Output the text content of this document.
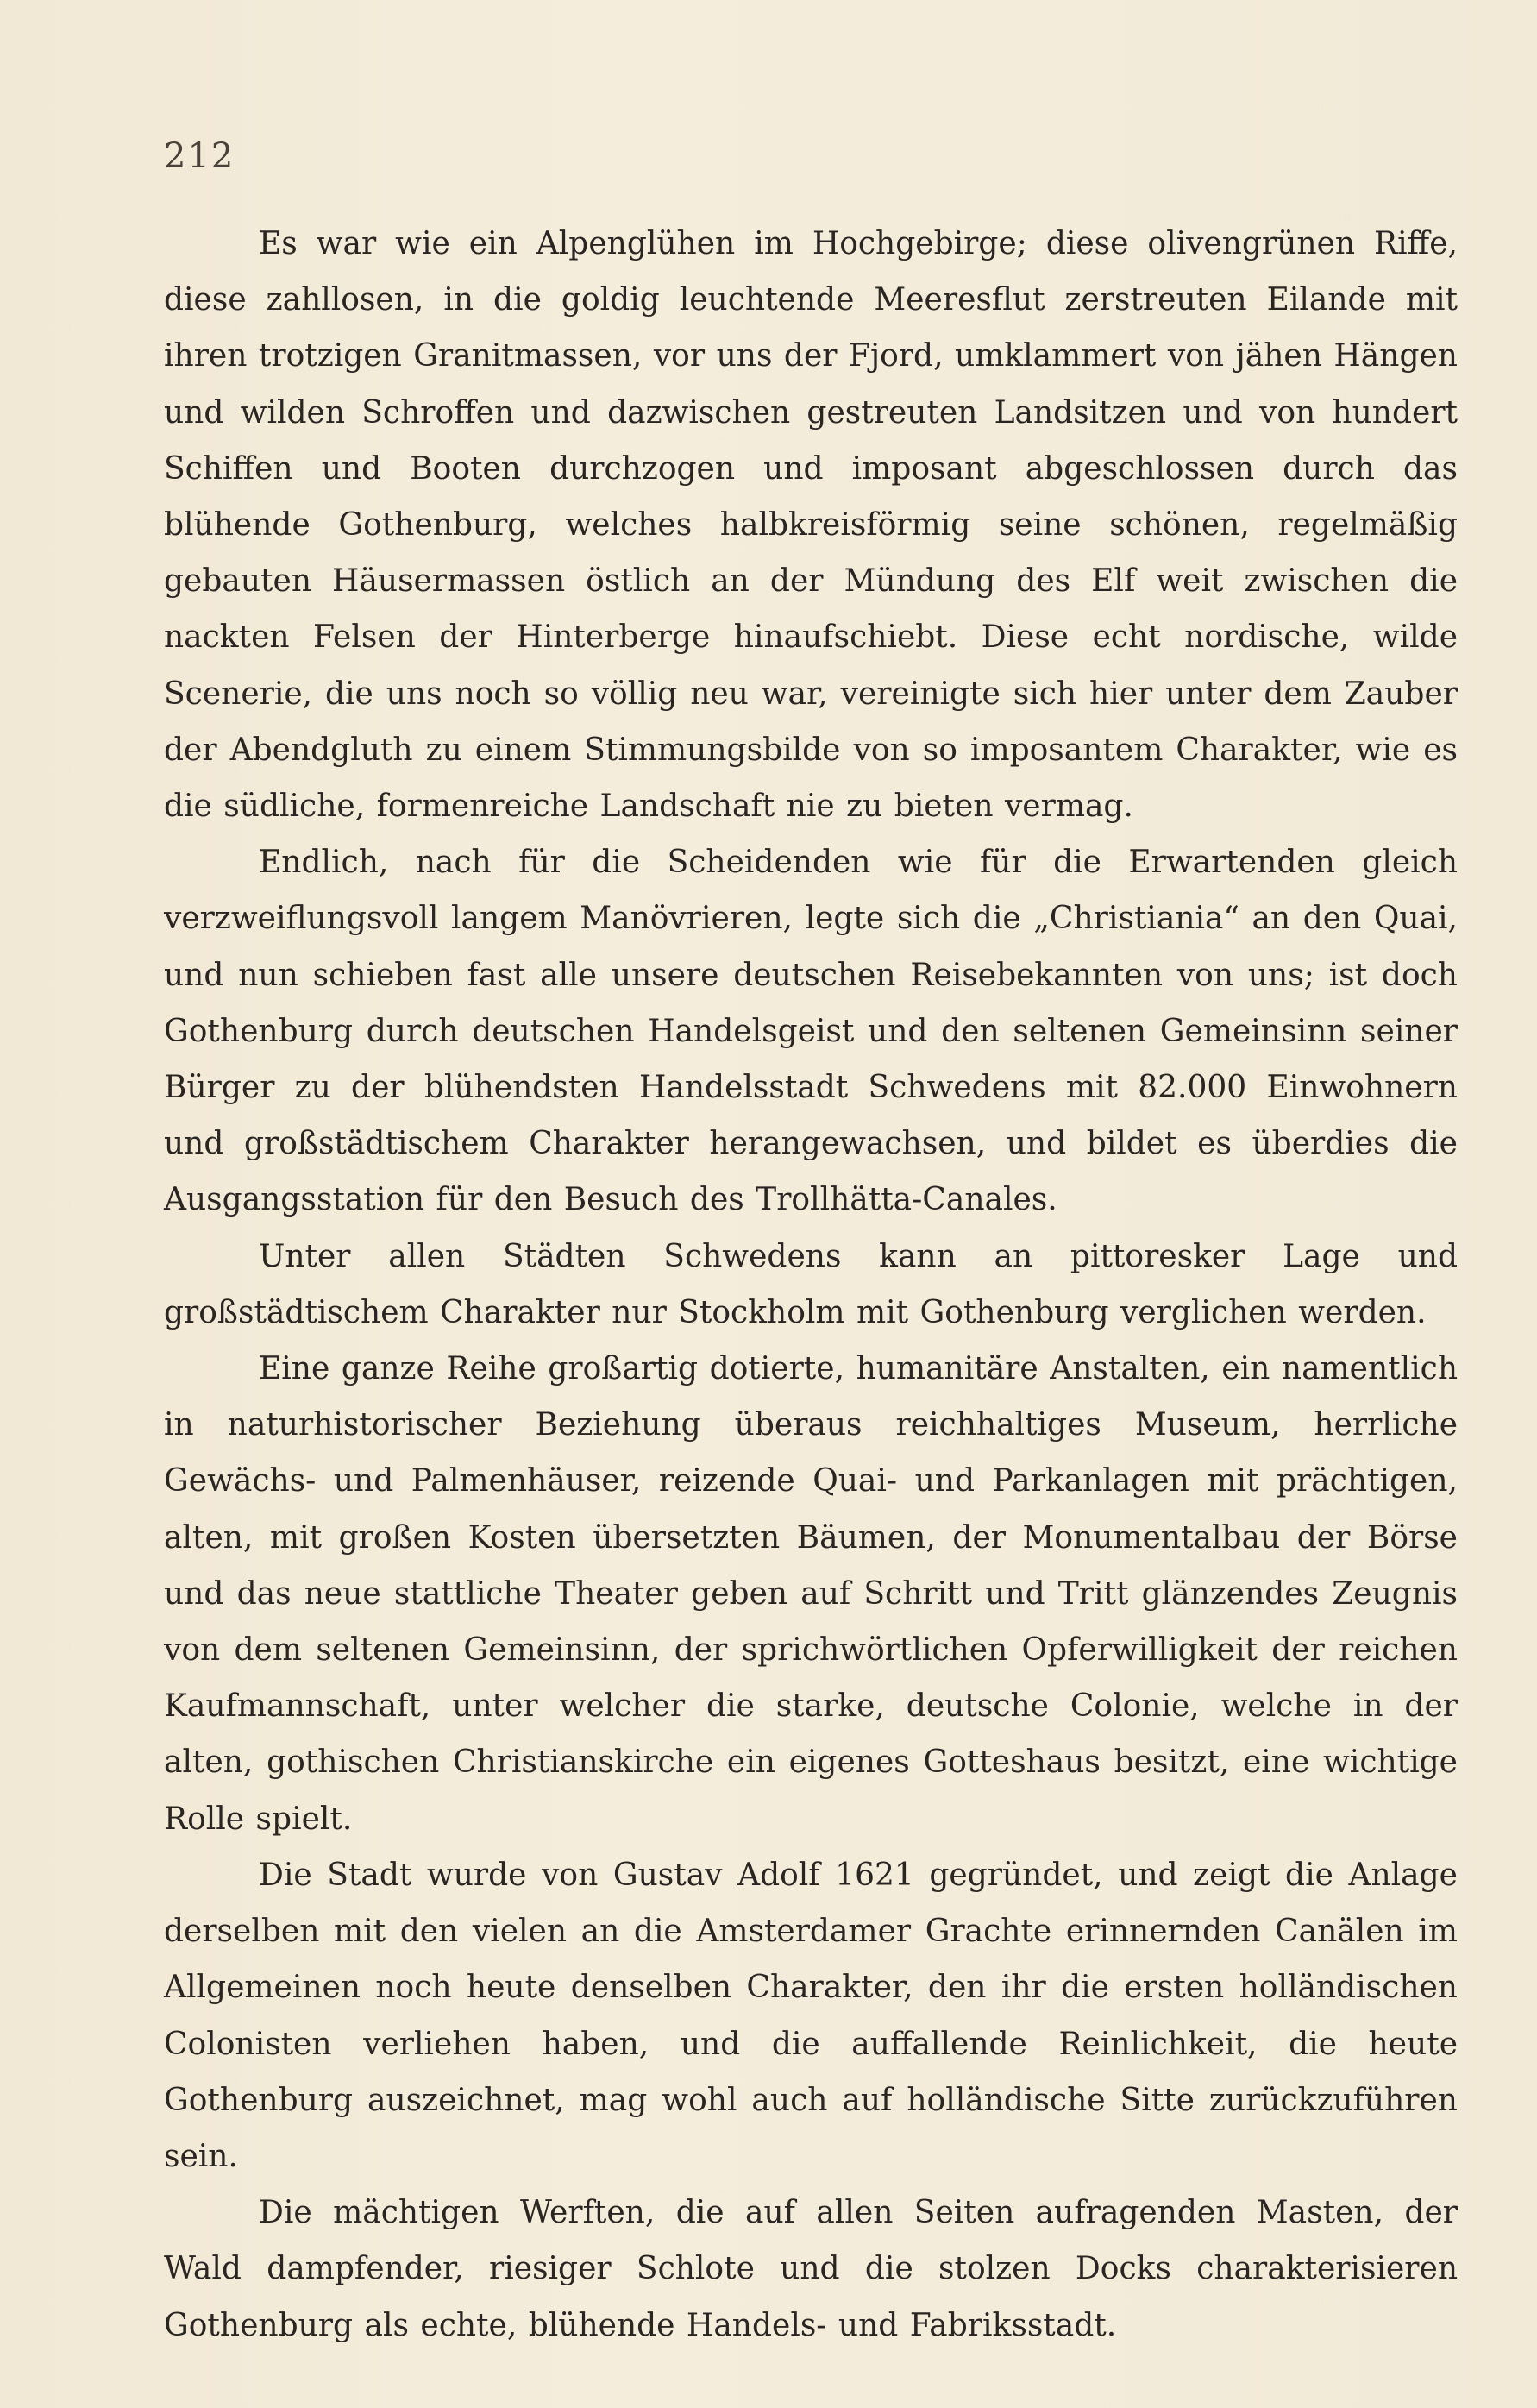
212

Es war wie ein Alpenglühen im Hochgebirge; diese olivengrünen Riffe, diese zahllosen, in die goldig leuchtende Meeresflut zerstreuten Eilande mit ihren trotzigen Granitmassen, vor uns der Fjord, umklammert von jähen Hängen und wilden Schroffen und dazwischen gestreuten Landsitzen und von hundert Schiffen und Booten durchzogen und imposant abgeschlossen durch das blühende Gothenburg, welches halbkreisförmig seine schönen, regelmäßig gebauten Häusermassen östlich an der Mündung des Elf weit zwischen die nackten Felsen der Hinterberge hinaufschiebt. Diese echt nordische, wilde Scenerie, die uns noch so völlig neu war, vereinigte sich hier unter dem Zauber der Abendgluth zu einem Stimmungsbilde von so imposantem Charakter, wie es die südliche, formenreiche Landschaft nie zu bieten vermag.

Endlich, nach für die Scheidenden wie für die Erwartenden gleich verzweiflungsvoll langem Manövrieren, legte sich die „Christiania“ an den Quai, und nun schieben fast alle unsere deutschen Reisebekannten von uns; ist doch Gothenburg durch deutschen Handelsgeist und den seltenen Gemeinsinn seiner Bürger zu der blühendsten Handelsstadt Schwedens mit 82.000 Einwohnern und großstädtischem Charakter herangewachsen, und bildet es überdies die Ausgangsstation für den Besuch des Trollhätta-Canales.

Unter allen Städten Schwedens kann an pittoresker Lage und großstädtischem Charakter nur Stockholm mit Gothenburg verglichen werden.

Eine ganze Reihe großartig dotierte, humanitäre Anstalten, ein namentlich in naturhistorischer Beziehung überaus reichhaltiges Museum, herrliche Gewächs- und Palmenhäuser, reizende Quai- und Parkanlagen mit prächtigen, alten, mit großen Kosten übersetzten Bäumen, der Monumentalbau der Börse und das neue stattliche Theater geben auf Schritt und Tritt glänzendes Zeugnis von dem seltenen Gemeinsinn, der sprichwörtlichen Opferwilligkeit der reichen Kaufmannschaft, unter welcher die starke, deutsche Colonie, welche in der alten, gothischen Christianskirche ein eigenes Gotteshaus besitzt, eine wichtige Rolle spielt.

Die Stadt wurde von Gustav Adolf 1621 gegründet, und zeigt die Anlage derselben mit den vielen an die Amsterdamer Grachte erinnernden Canälen im Allgemeinen noch heute denselben Charakter, den ihr die ersten holländischen Colonisten verliehen haben, und die auffallende Reinlichkeit, die heute Gothenburg auszeichnet, mag wohl auch auf holländische Sitte zurückzuführen sein.

Die mächtigen Werften, die auf allen Seiten aufragenden Masten, der Wald dampfender, riesiger Schlote und die stolzen Docks charakterisieren Gothenburg als echte, blühende Handels- und Fabriksstadt.
